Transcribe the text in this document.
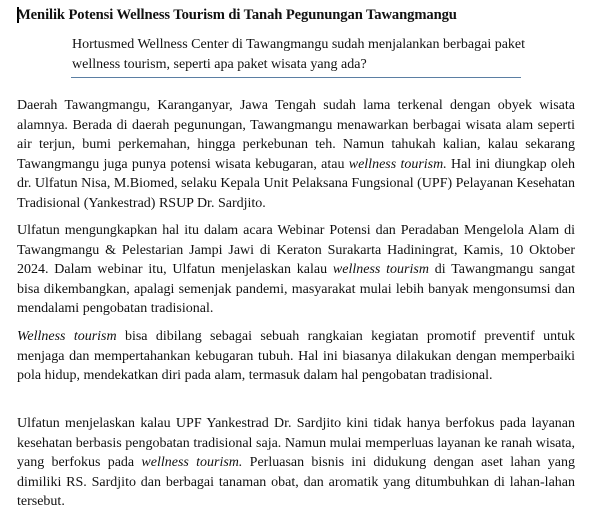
Menilik Potensi Wellness Tourism di Tanah Pegunungan Tawangmangu

Hortusmed Wellness Center di Tawangmangu sudah menjalankan berbagai paket wellness tourism, seperti apa paket wisata yang ada?

Daerah Tawangmangu, Karanganyar, Jawa Tengah sudah lama terkenal dengan obyek wisata alamnya. Berada di daerah pegunungan, Tawangmangu menawarkan berbagai wisata alam seperti air terjun, bumi perkemahan, hingga perkebunan teh. Namun tahukah kalian, kalau sekarang Tawangmangu juga punya potensi wisata kebugaran, atau wellness tourism. Hal ini diungkap oleh dr. Ulfatun Nisa, M.Biomed, selaku Kepala Unit Pelaksana Fungsional (UPF) Pelayanan Kesehatan Tradisional (Yankestrad) RSUP Dr. Sardjito.

Ulfatun mengungkapkan hal itu dalam acara Webinar Potensi dan Peradaban Mengelola Alam di Tawangmangu & Pelestarian Jampi Jawi di Keraton Surakarta Hadiningrat, Kamis, 10 Oktober 2024. Dalam webinar itu, Ulfatun menjelaskan kalau wellness tourism di Tawangmangu sangat bisa dikembangkan, apalagi semenjak pandemi, masyarakat mulai lebih banyak mengonsumsi dan mendalami pengobatan tradisional.

Wellness tourism bisa dibilang sebagai sebuah rangkaian kegiatan promotif preventif untuk menjaga dan mempertahankan kebugaran tubuh. Hal ini biasanya dilakukan dengan memperbaiki pola hidup, mendekatkan diri pada alam, termasuk dalam hal pengobatan tradisional.

Ulfatun menjelaskan kalau UPF Yankestrad Dr. Sardjito kini tidak hanya berfokus pada layanan kesehatan berbasis pengobatan tradisional saja. Namun mulai memperluas layanan ke ranah wisata, yang berfokus pada wellness tourism. Perluasan bisnis ini didukung dengan aset lahan yang dimiliki RS. Sardjito dan berbagai tanaman obat, dan aromatik yang ditumbuhkan di lahan-lahan tersebut.
